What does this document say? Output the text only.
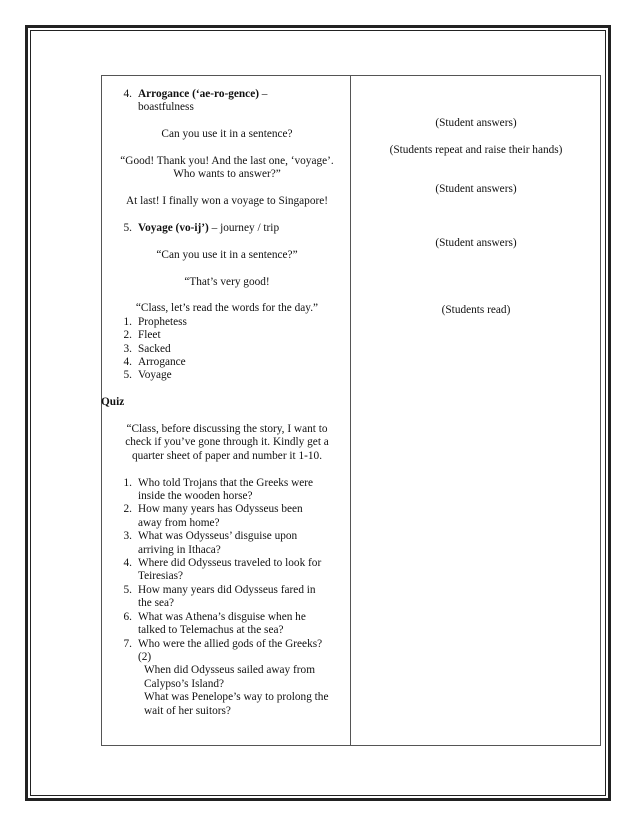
4. Arrogance (‘ae-ro-gence) –
boastfulness

Can you use it in a sentence?

“Good! Thank you! And the last one, ‘voyage’.

Who wants to answer?”

At last! I finally won a voyage to Singapore!

5. Voyage (vo-ij’) – journey / trip

“Can you use it in a sentence?”

“That’s very good!

“Class, let’s read the words for the day.”

1. Prophetess
2. Fleet
3. Sacked
4. Arrogance
5. Voyage

Quiz

“Class, before discussing the story, I want to

check if you’ve gone through it. Kindly get a

quarter sheet of paper and number it 1-10.

1. Who told Trojans that the Greeks were
inside the wooden horse?
2. How many years has Odysseus been
away from home?
3. What was Odysseus’ disguise upon
arriving in Ithaca?
4. Where did Odysseus traveled to look for
Teiresias?
5. How many years did Odysseus fared in
the sea?
6. What was Athena’s disguise when he
talked to Telemachus at the sea?
7. Who were the allied gods of the Greeks?
(2)

When did Odysseus sailed away from

Calypso’s Island?

What was Penelope’s way to prolong the

wait of her suitors?

(Student answers)

(Students repeat and raise their hands)

(Student answers)

(Student answers)

(Students read)
